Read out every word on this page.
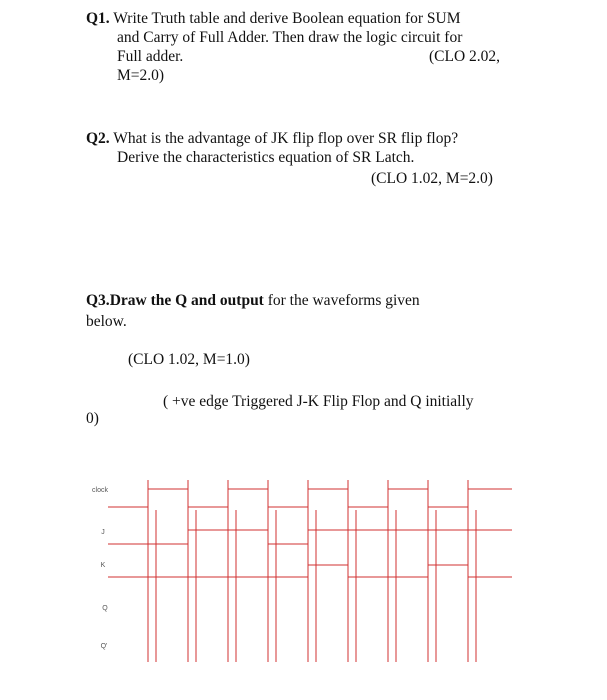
Q1. Write Truth table and derive Boolean equation for SUM
and Carry of Full Adder. Then draw the logic circuit for
Full adder.	(CLO 2.02,
M=2.0)
Q2. What is the advantage of JK flip flop over SR flip flop?
Derive the characteristics equation of SR Latch.
(CLO 1.02, M=2.0)
Q3.Draw the Q and output for the waveforms given
below.
(CLO 1.02, M=1.0)
( +ve edge Triggered J-K Flip Flop and Q initially
0)
clock
J
K
Q
Q'
